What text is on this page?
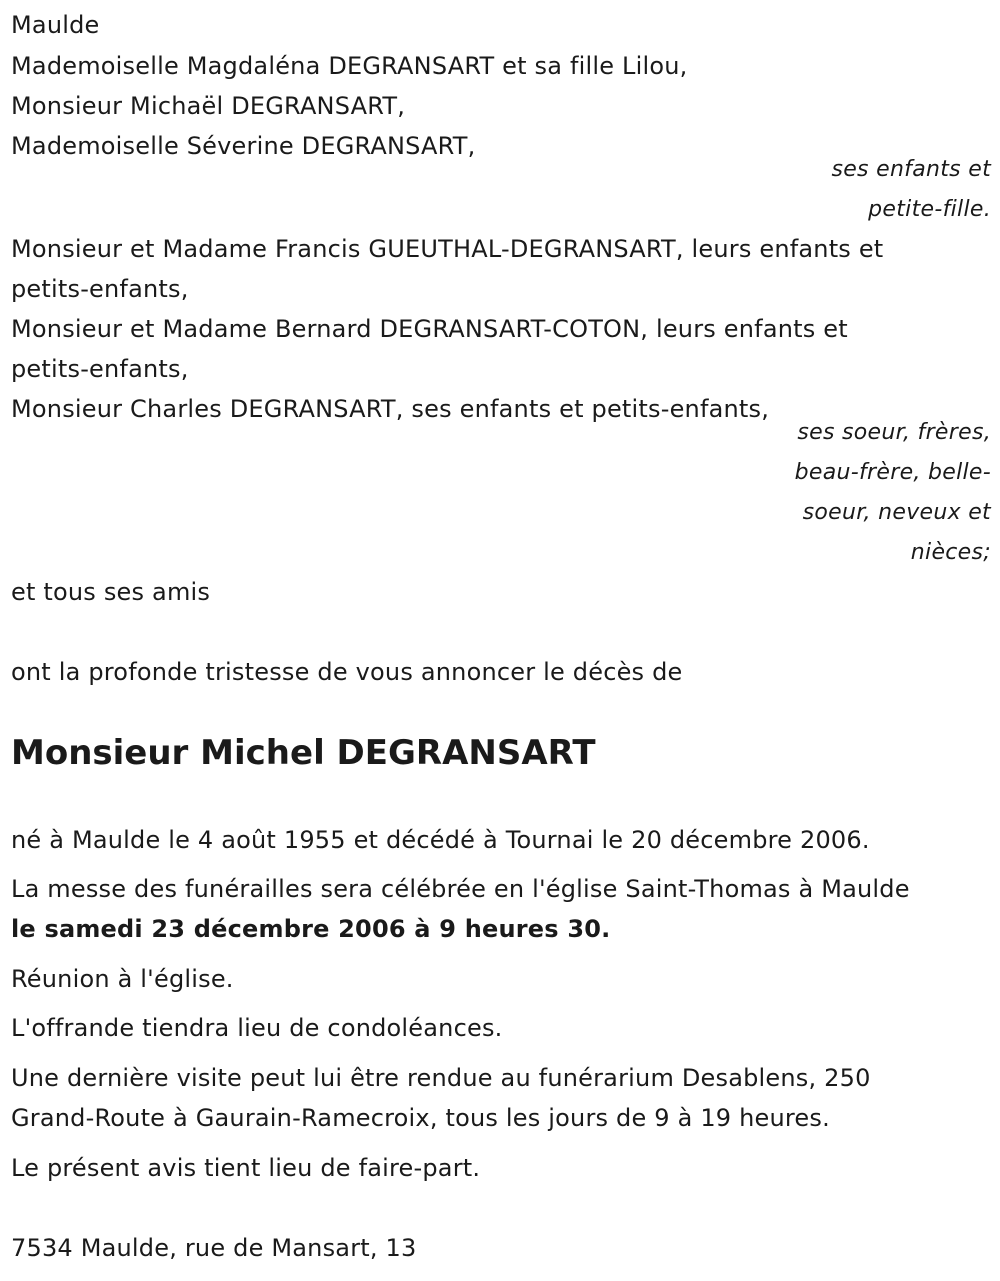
Maulde
Mademoiselle Magdaléna DEGRANSART et sa fille Lilou,
Monsieur Michaël DEGRANSART,
Mademoiselle Séverine DEGRANSART,
ses enfants et
petite-fille.
Monsieur et Madame Francis GUEUTHAL-DEGRANSART, leurs enfants et
petits-enfants,
Monsieur et Madame Bernard DEGRANSART-COTON, leurs enfants et
petits-enfants,
Monsieur Charles DEGRANSART, ses enfants et petits-enfants,
ses soeur, frères,
beau-frère, belle-
soeur, neveux et
nièces;
et tous ses amis
ont la profonde tristesse de vous annoncer le décès de
Monsieur Michel DEGRANSART
né à Maulde le 4 août 1955 et décédé à Tournai le 20 décembre 2006.
La messe des funérailles sera célébrée en l'église Saint-Thomas à Maulde
le samedi 23 décembre 2006 à 9 heures 30.
Réunion à l'église.
L'offrande tiendra lieu de condoléances.
Une dernière visite peut lui être rendue au funérarium Desablens, 250
Grand-Route à Gaurain-Ramecroix, tous les jours de 9 à 19 heures.
Le présent avis tient lieu de faire-part.
7534 Maulde, rue de Mansart, 13
